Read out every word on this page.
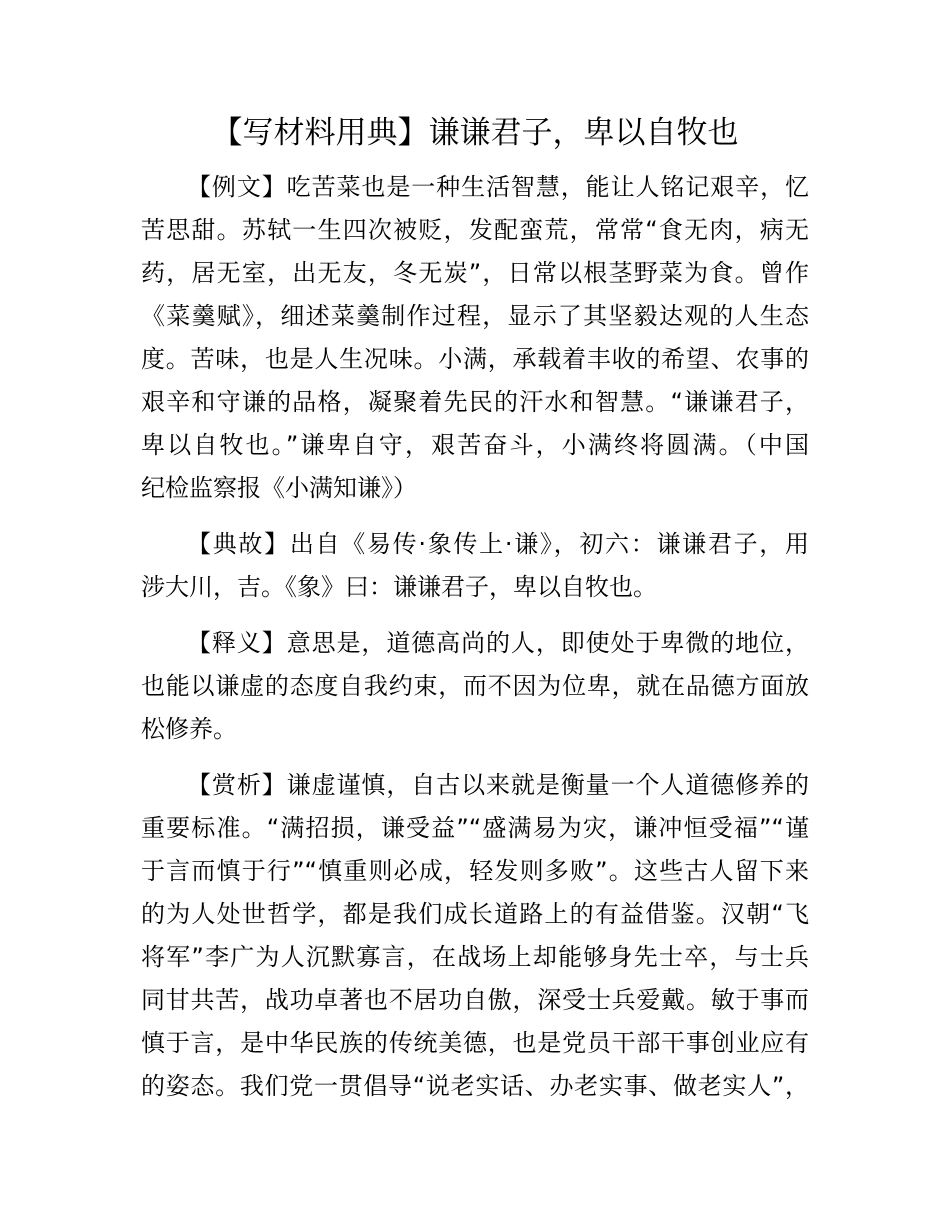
【写材料用典】谦谦君子，卑以自牧也
【例文】吃苦菜也是一种生活智慧，能让人铭记艰辛，忆
苦思甜。苏轼一生四次被贬，发配蛮荒，常常“食无肉，病无
药，居无室，出无友，冬无炭”，日常以根茎野菜为食。曾作
《菜羹赋》，细述菜羹制作过程，显示了其坚毅达观的人生态
度。苦味，也是人生况味。小满，承载着丰收的希望、农事的
艰辛和守谦的品格，凝聚着先民的汗水和智慧。“谦谦君子，
卑以自牧也。”谦卑自守，艰苦奋斗，小满终将圆满。（中国
纪检监察报《小满知谦》）
【典故】出自《易传·象传上·谦》，初六：谦谦君子，用
涉大川，吉。《象》曰：谦谦君子，卑以自牧也。
【释义】意思是，道德高尚的人，即使处于卑微的地位，
也能以谦虚的态度自我约束，而不因为位卑，就在品德方面放
松修养。
【赏析】谦虚谨慎，自古以来就是衡量一个人道德修养的
重要标准。“满招损，谦受益”“盛满易为灾，谦冲恒受福”“谨
于言而慎于行”“慎重则必成，轻发则多败”。这些古人留下来
的为人处世哲学，都是我们成长道路上的有益借鉴。汉朝“飞
将军”李广为人沉默寡言，在战场上却能够身先士卒，与士兵
同甘共苦，战功卓著也不居功自傲，深受士兵爱戴。敏于事而
慎于言，是中华民族的传统美德，也是党员干部干事创业应有
的姿态。我们党一贯倡导“说老实话、办老实事、做老实人”，
